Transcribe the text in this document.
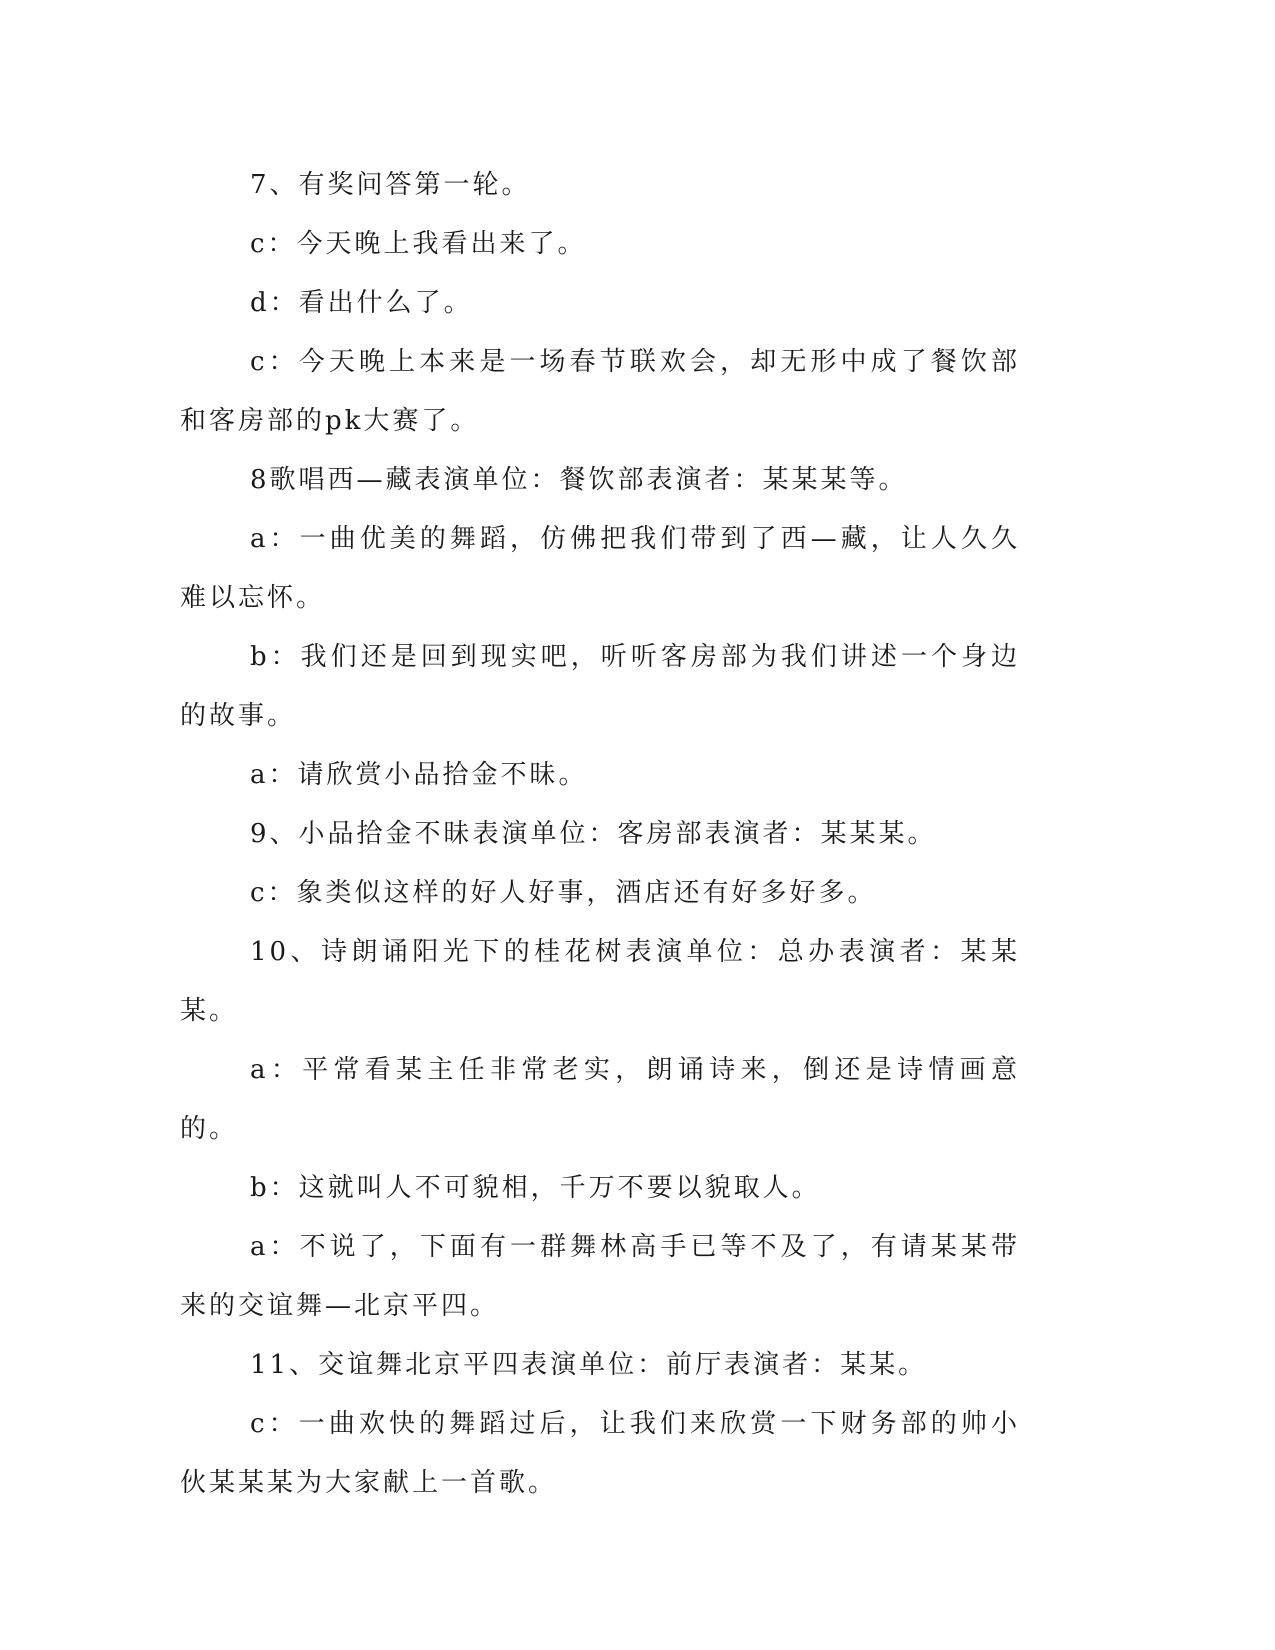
7、有奖问答第一轮。

c：今天晚上我看出来了。

d：看出什么了。

c：今天晚上本来是一场春节联欢会，却无形中成了餐饮部和客房部的pk大赛了。

8歌唱西—藏表演单位：餐饮部表演者：某某某等。

a：一曲优美的舞蹈，仿佛把我们带到了西—藏，让人久久难以忘怀。

b：我们还是回到现实吧，听听客房部为我们讲述一个身边的故事。

a：请欣赏小品拾金不昧。

9、小品拾金不昧表演单位：客房部表演者：某某某。

c：象类似这样的好人好事，酒店还有好多好多。

10、诗朗诵阳光下的桂花树表演单位：总办表演者：某某某。

a：平常看某主任非常老实，朗诵诗来，倒还是诗情画意的。

b：这就叫人不可貌相，千万不要以貌取人。

a：不说了，下面有一群舞林高手已等不及了，有请某某带来的交谊舞—北京平四。

11、交谊舞北京平四表演单位：前厅表演者：某某。

c：一曲欢快的舞蹈过后，让我们来欣赏一下财务部的帅小伙某某某为大家献上一首歌。
